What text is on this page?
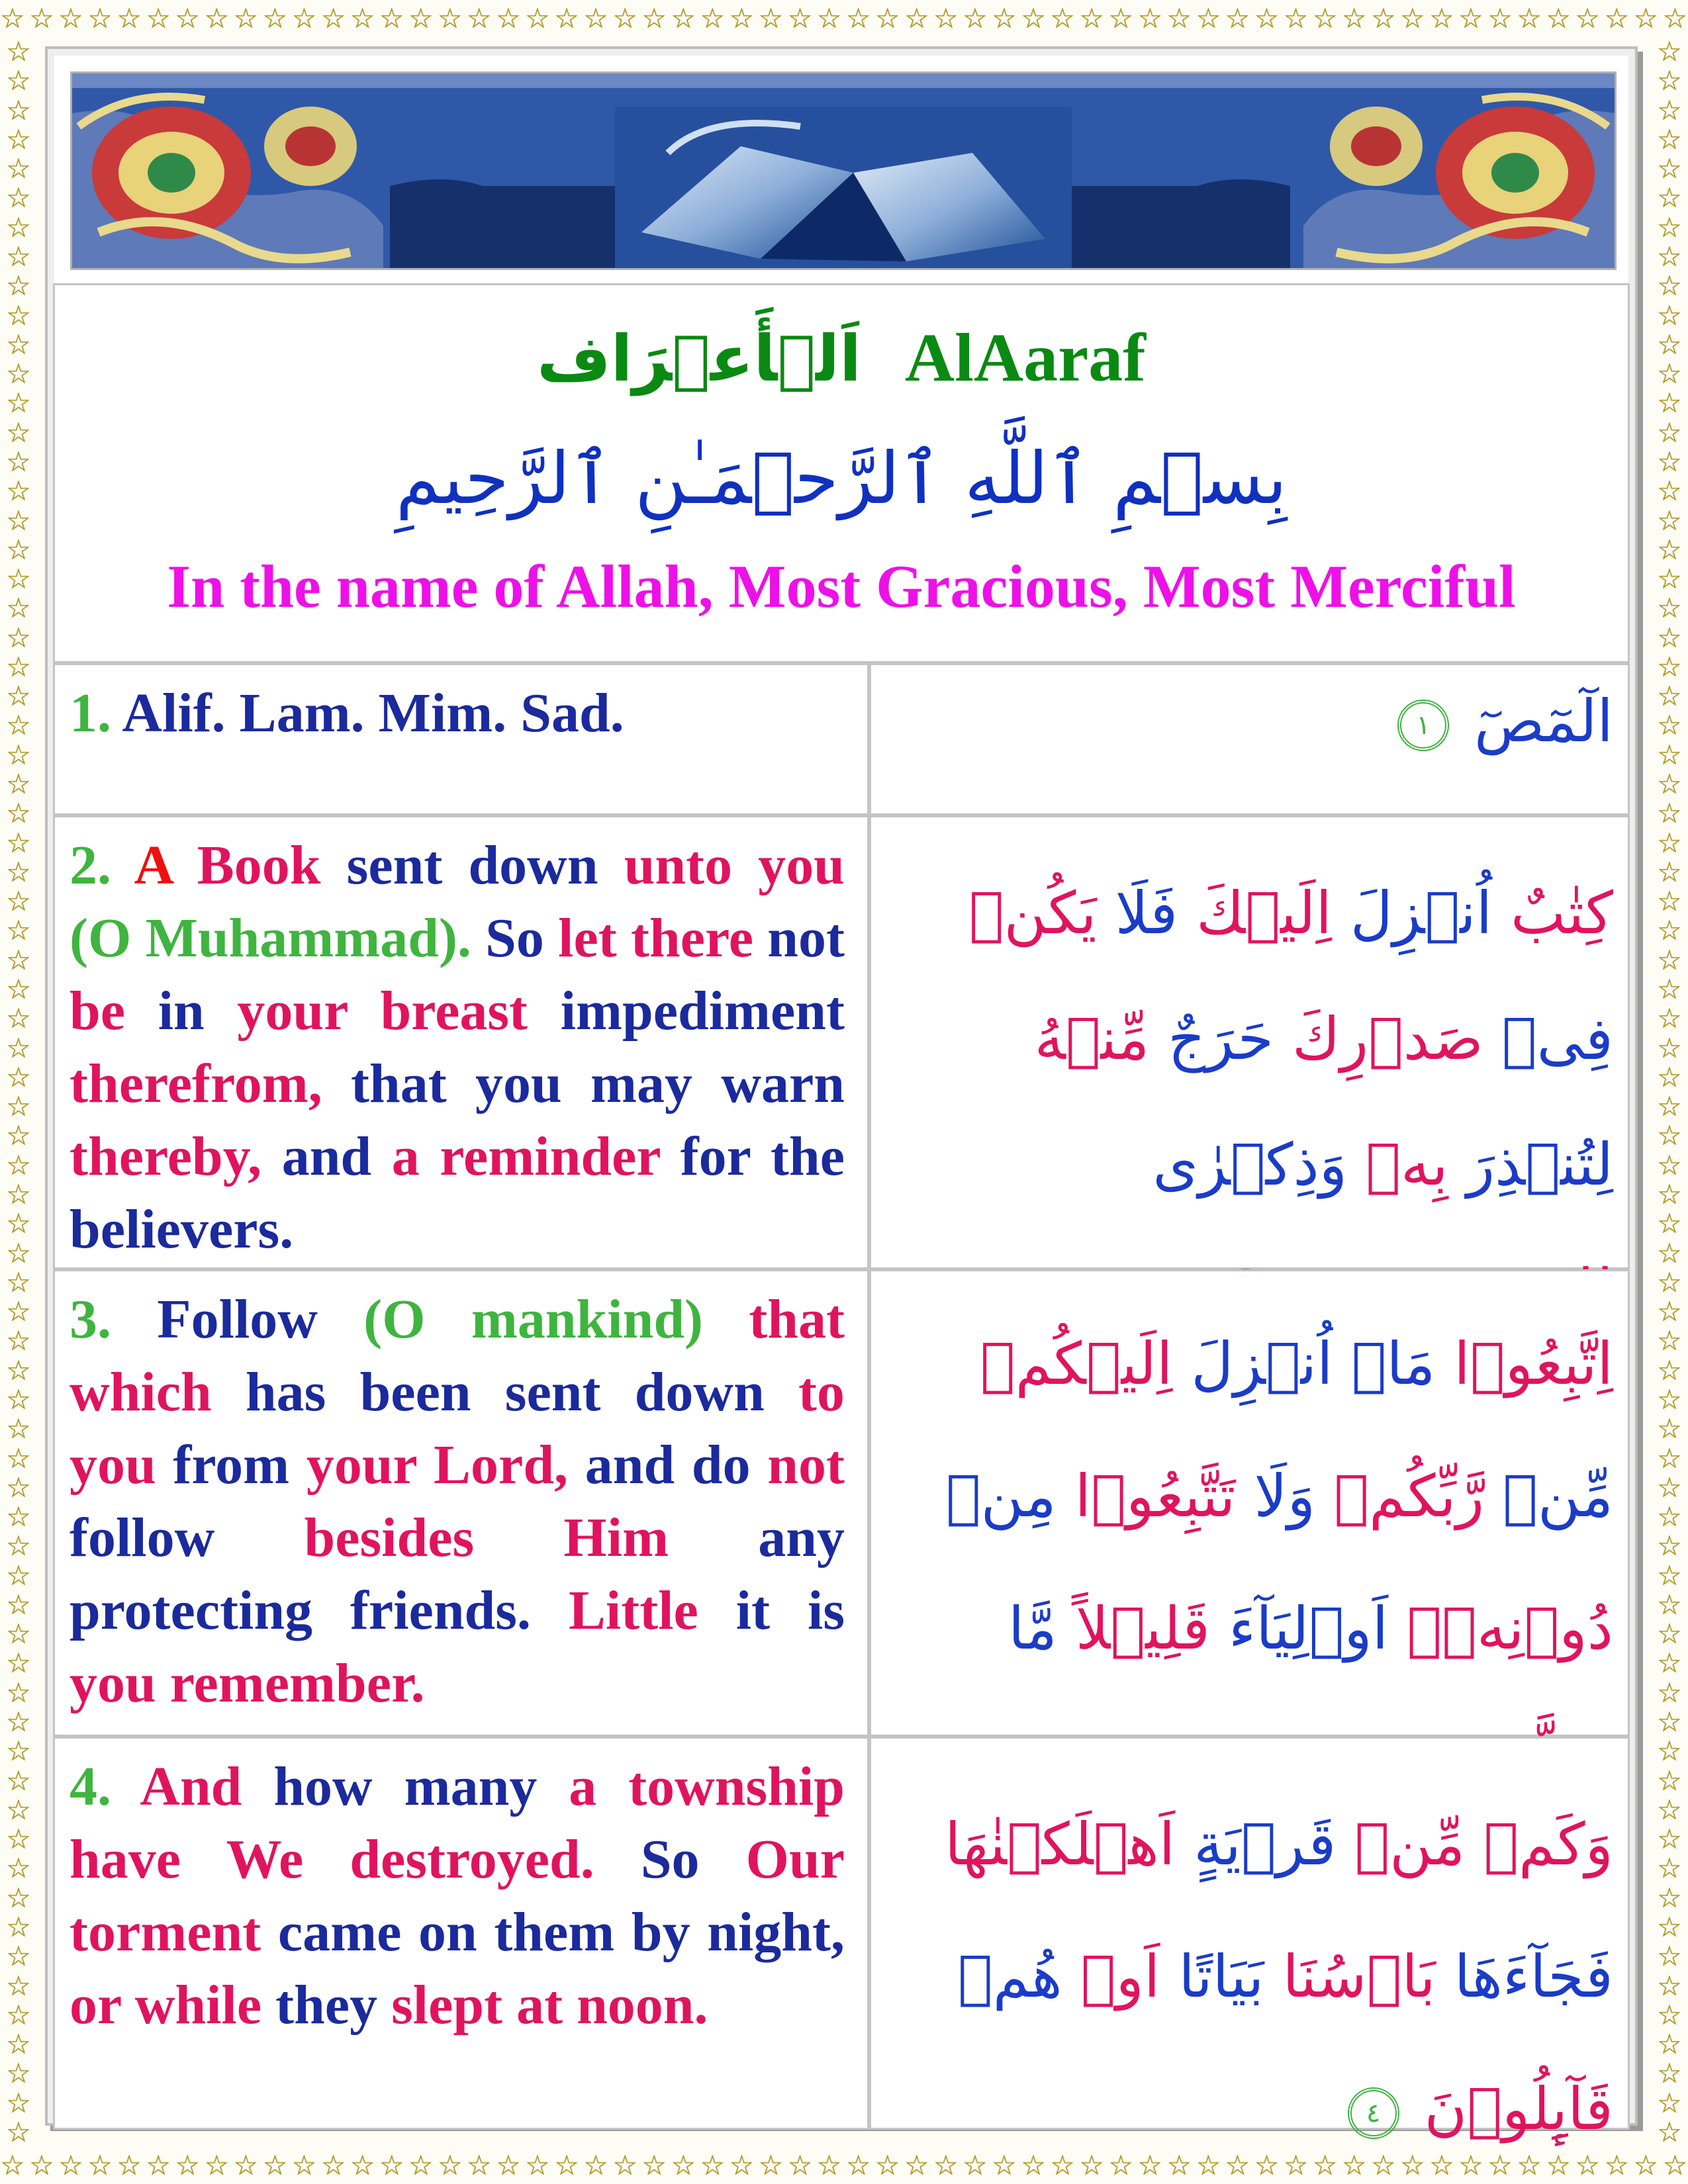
☆ ☆ ☆ ☆ ☆ ☆ ☆ ☆ ☆ ☆ ☆ ☆ ☆ ☆ ☆ ☆ ☆ ☆ ☆ ☆ ☆ ☆ ☆ ☆ ☆ ☆ ☆ ☆ ☆ ☆ ☆ ☆ ☆ ☆ ☆ ☆ ☆ ☆ ☆ ☆ ☆ ☆ ☆ ☆ ☆ ☆ ☆ ☆ ☆ ☆ ☆ ☆ ☆ ☆ ☆ ☆ ☆ ☆
☆ ☆ ☆ ☆ ☆ ☆ ☆ ☆ ☆ ☆ ☆ ☆ ☆ ☆ ☆ ☆ ☆ ☆ ☆ ☆ ☆ ☆ ☆ ☆ ☆ ☆ ☆ ☆ ☆ ☆ ☆ ☆ ☆ ☆ ☆ ☆ ☆ ☆ ☆ ☆ ☆ ☆ ☆ ☆ ☆ ☆ ☆ ☆ ☆ ☆ ☆ ☆ ☆ ☆ ☆ ☆ ☆ ☆
☆
☆
☆
☆
☆
☆
☆
☆
☆
☆
☆
☆
☆
☆
☆
☆
☆
☆
☆
☆
☆
☆
☆
☆
☆
☆
☆
☆
☆
☆
☆
☆
☆
☆
☆
☆
☆
☆
☆
☆
☆
☆
☆
☆
☆
☆
☆
☆
☆
☆
☆
☆
☆
☆
☆
☆
☆
☆
☆
☆
☆
☆
☆
☆
☆
☆
☆
☆
☆
☆
☆
☆
☆
☆
☆
☆
☆
☆
☆
☆
☆
☆
☆
☆
☆
☆
☆
☆
☆
☆
☆
☆
☆
☆
☆
☆
☆
☆
☆
☆
☆
☆
☆
☆
☆
☆
☆
☆
☆
☆
☆
☆
☆
☆
☆
☆
☆
☆
☆
☆
☆
☆
☆
☆
☆
☆
☆
☆
☆
☆
☆
☆
☆
☆
☆
☆
☆
☆
☆
☆
☆
☆
☆
☆
اَلۡأَعۡرَاف AlAaraf
بِسۡمِ ٱللَّهِ ٱلرَّحۡمَـٰنِ ٱلرَّحِيمِ
In the name of Allah, Most Gracious, Most Merciful
1. Alif. Lam. Mim. Sad.	الٓمٓصٓ ١
2. A Book sent down unto you (O Muhammad). So let there not be in your breast impediment therefrom, that you may warn thereby, and a reminder for the believers.
كِتٰبٌ اُنۡزِلَ اِلَيۡكَ فَلَا يَكُنۡ فِىۡ صَدۡرِكَ حَرَجٌ مِّنۡهُ لِتُنۡذِرَ بِهٖ وَذِكۡرٰى
3. Follow (O mankind) that which has been sent down to you from your Lord, and do not follow besides Him any protecting friends. Little it is you remember.
اِتَّبِعُوۡا مَاۤ اُنۡزِلَ اِلَيۡكُمۡ مِّنۡ رَّبِّكُمۡ وَلَا تَتَّبِعُوۡا مِنۡ دُوۡنِهٖۤ اَوۡلِيَآءَ قَلِيۡلاً مَّا
4. And how many a township have We destroyed. So Our torment came on them by night, or while they slept at noon.
وَكَمۡ مِّنۡ قَرۡيَةٍ اَهۡلَكۡنٰهَا فَجَآءَهَا بَاۡسُنَا بَيَاتًا اَوۡ هُمۡ قَآٮِٕلُوۡنَ ٤
